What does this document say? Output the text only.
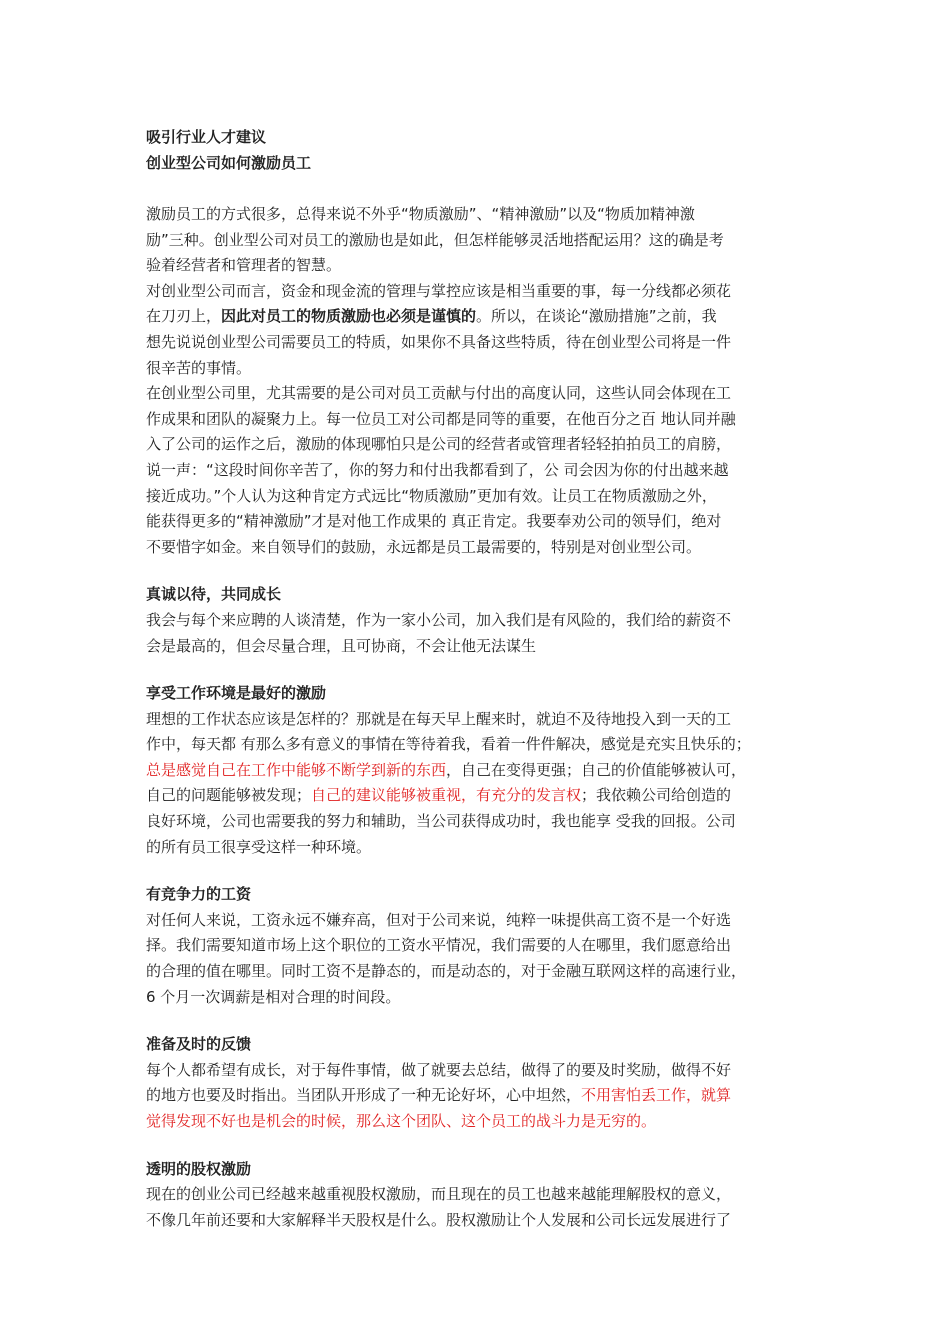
吸引行业人才建议

创业型公司如何激励员工

激励员工的方式很多，总得来说不外乎“物质激励”、“精神激励”以及“物质加精神激

励”三种。创业型公司对员工的激励也是如此，但怎样能够灵活地搭配运用？这的确是考

验着经营者和管理者的智慧。

对创业型公司而言，资金和现金流的管理与掌控应该是相当重要的事，每一分线都必须花

在刀刃上，因此对员工的物质激励也必须是谨慎的。所以，在谈论“激励措施”之前，我

想先说说创业型公司需要员工的特质，如果你不具备这些特质，待在创业型公司将是一件

很辛苦的事情。

在创业型公司里，尤其需要的是公司对员工贡献与付出的高度认同，这些认同会体现在工

作成果和团队的凝聚力上。每一位员工对公司都是同等的重要，在他百分之百 地认同并融

入了公司的运作之后，激励的体现哪怕只是公司的经营者或管理者轻轻拍拍员工的肩膀，

说一声：“这段时间你辛苦了，你的努力和付出我都看到了，公 司会因为你的付出越来越

接近成功。”个人认为这种肯定方式远比“物质激励”更加有效。让员工在物质激励之外，

能获得更多的“精神激励”才是对他工作成果的 真正肯定。我要奉劝公司的领导们，绝对

不要惜字如金。来自领导们的鼓励，永远都是员工最需要的，特别是对创业型公司。

真诚以待，共同成长

我会与每个来应聘的人谈清楚，作为一家小公司，加入我们是有风险的，我们给的薪资不

会是最高的，但会尽量合理，且可协商，不会让他无法谋生

享受工作环境是最好的激励

理想的工作状态应该是怎样的？那就是在每天早上醒来时，就迫不及待地投入到一天的工

作中，每天都 有那么多有意义的事情在等待着我，看着一件件解决，感觉是充实且快乐的；

总是感觉自己在工作中能够不断学到新的东西，自己在变得更强；自己的价值能够被认可，

自己的问题能够被发现；自己的建议能够被重视，有充分的发言权；我依赖公司给创造的

良好环境，公司也需要我的努力和辅助，当公司获得成功时，我也能享 受我的回报。公司

的所有员工很享受这样一种环境。

有竞争力的工资

对任何人来说，工资永远不嫌弃高，但对于公司来说，纯粹一味提供高工资不是一个好选

择。我们需要知道市场上这个职位的工资水平情况，我们需要的人在哪里，我们愿意给出

的合理的值在哪里。同时工资不是静态的，而是动态的，对于金融互联网这样的高速行业，

6 个月一次调薪是相对合理的时间段。

准备及时的反馈

每个人都希望有成长，对于每件事情，做了就要去总结，做得了的要及时奖励，做得不好

的地方也要及时指出。当团队开形成了一种无论好坏，心中坦然，不用害怕丢工作，就算

觉得发现不好也是机会的时候，那么这个团队、这个员工的战斗力是无穷的。

透明的股权激励

现在的创业公司已经越来越重视股权激励，而且现在的员工也越来越能理解股权的意义，

不像几年前还要和大家解释半天股权是什么。股权激励让个人发展和公司长远发展进行了
